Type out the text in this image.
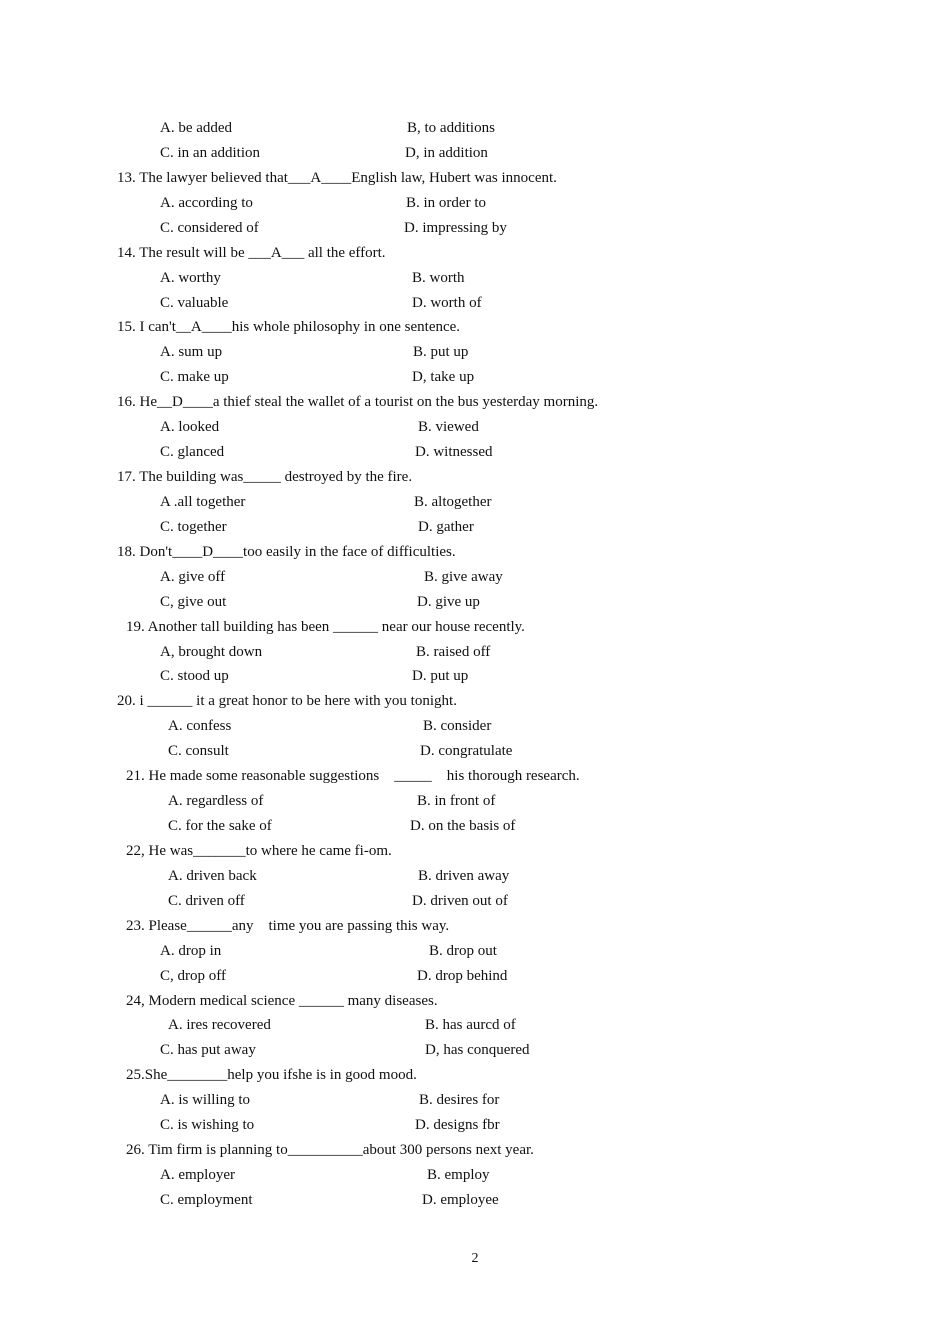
A. be added	B, to additions
C. in an addition	D, in addition
13. The lawyer believed that___A____English law, Hubert was innocent.
A. according to	B. in order to
C. considered of	D. impressing by
14. The result will be ___A___ all the effort.
A. worthy	B. worth
C. valuable	D. worth of
15. I can't__A____his whole philosophy in one sentence.
A. sum up	B. put up
C. make up	D, take up
16. He__D____a thief steal the wallet of a tourist on the bus yesterday morning.
A. looked	B. viewed
C. glanced	D. witnessed
17. The building was_____ destroyed by the fire.
A .all together	B. altogether
C. together	D. gather
18. Don't____D____too easily in the face of difficulties.
A. give off	B. give away
C, give out	D. give up
19. Another tall building has been ______ near our house recently.
A, brought down	B. raised off
C. stood up	D. put up
20. i ______ it a great honor to be here with you tonight.
A. confess	B. consider
C. consult	D. congratulate
21. He made some reasonable suggestions    _____    his thorough research.
A. regardless of	B. in front of
C. for the sake of	D. on the basis of
22, He was_______to where he came fi-om.
A. driven back	B. driven away
C. driven off	D. driven out of
23. Please______any    time you are passing this way.
A. drop in	B. drop out
C, drop off	D. drop behind
24, Modern medical science ______ many diseases.
A. ires recovered	B. has aurcd of
C. has put away	D, has conquered
25.She________help you ifshe is in good mood.
A. is willing to	B. desires for
C. is wishing to	D. designs fbr
26. Tim firm is planning to__________about 300 persons next year.
A. employer	B. employ
C. employment	D. employee
2
